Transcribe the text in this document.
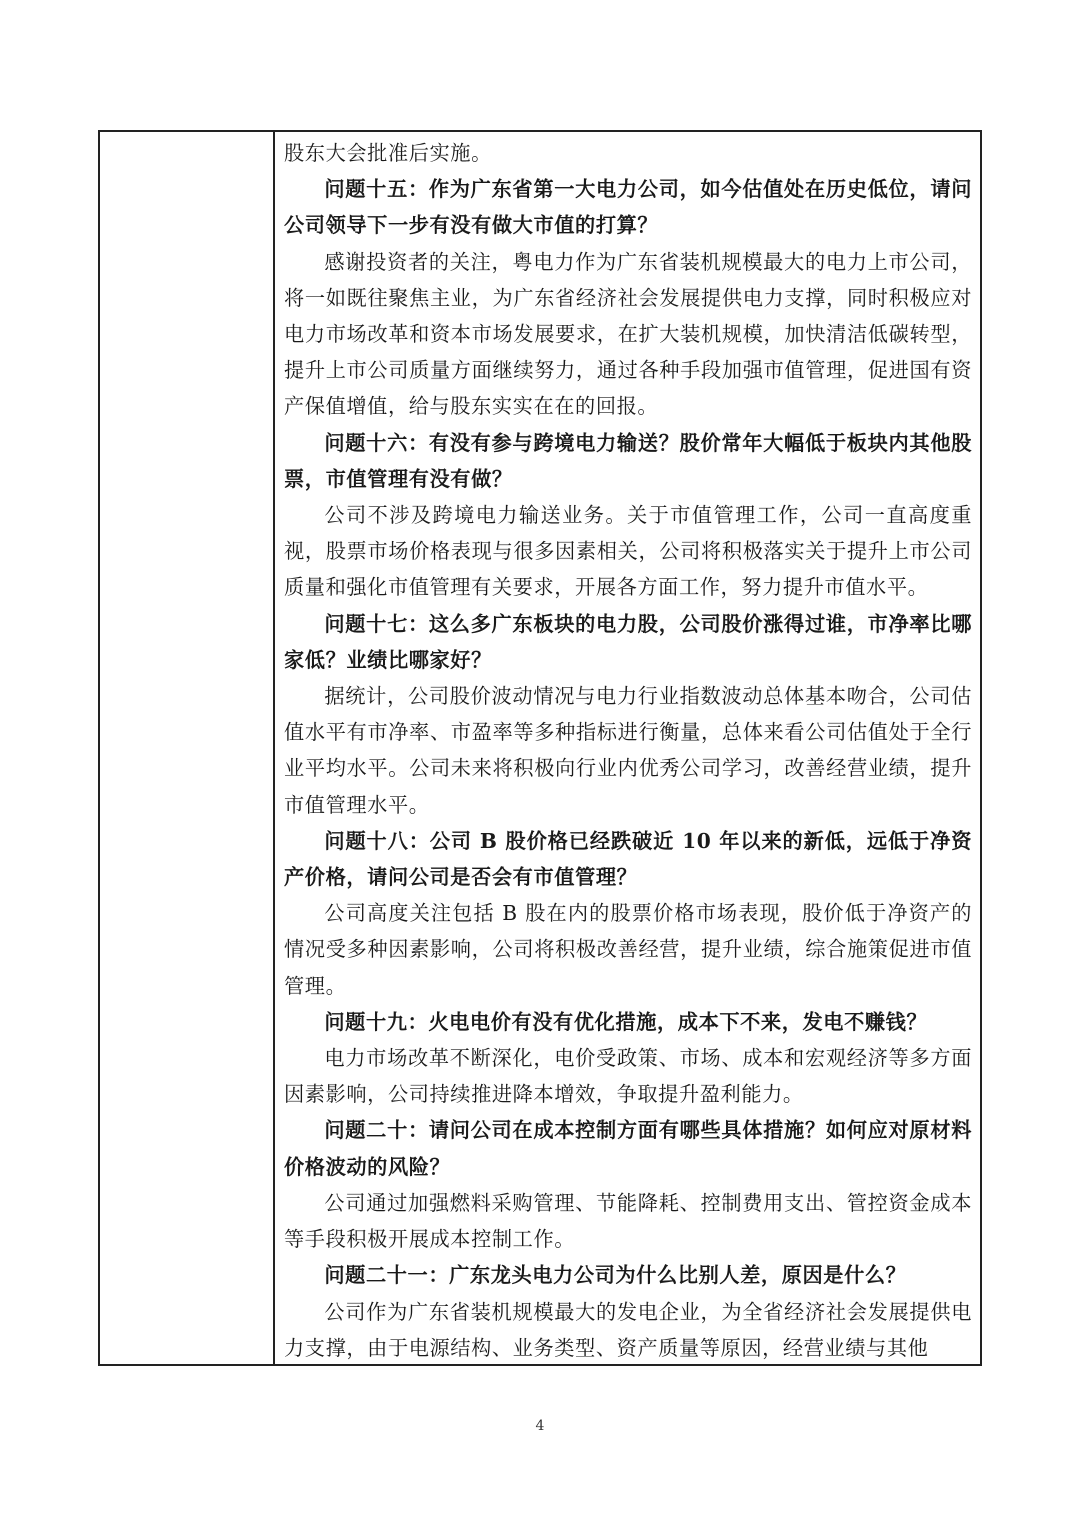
股东大会批准后实施。

问题十五：作为广东省第一大电力公司，如今估值处在历史低位，请问公司领导下一步有没有做大市值的打算？

感谢投资者的关注，粤电力作为广东省装机规模最大的电力上市公司，将一如既往聚焦主业，为广东省经济社会发展提供电力支撑，同时积极应对电力市场改革和资本市场发展要求，在扩大装机规模，加快清洁低碳转型，提升上市公司质量方面继续努力，通过各种手段加强市值管理，促进国有资产保值增值，给与股东实实在在的回报。

问题十六：有没有参与跨境电力输送？股价常年大幅低于板块内其他股票，市值管理有没有做？

公司不涉及跨境电力输送业务。关于市值管理工作，公司一直高度重视，股票市场价格表现与很多因素相关，公司将积极落实关于提升上市公司质量和强化市值管理有关要求，开展各方面工作，努力提升市值水平。

问题十七：这么多广东板块的电力股，公司股价涨得过谁，市净率比哪家低？业绩比哪家好？

据统计，公司股价波动情况与电力行业指数波动总体基本吻合，公司估值水平有市净率、市盈率等多种指标进行衡量，总体来看公司估值处于全行业平均水平。公司未来将积极向行业内优秀公司学习，改善经营业绩，提升市值管理水平。

问题十八：公司 B 股价格已经跌破近 10 年以来的新低，远低于净资产价格，请问公司是否会有市值管理？

公司高度关注包括 B 股在内的股票价格市场表现，股价低于净资产的情况受多种因素影响，公司将积极改善经营，提升业绩，综合施策促进市值管理。

问题十九：火电电价有没有优化措施，成本下不来，发电不赚钱？

电力市场改革不断深化，电价受政策、市场、成本和宏观经济等多方面因素影响，公司持续推进降本增效，争取提升盈利能力。

问题二十：请问公司在成本控制方面有哪些具体措施？如何应对原材料价格波动的风险？

公司通过加强燃料采购管理、节能降耗、控制费用支出、管控资金成本等手段积极开展成本控制工作。

问题二十一：广东龙头电力公司为什么比别人差，原因是什么？

公司作为广东省装机规模最大的发电企业，为全省经济社会发展提供电力支撑，由于电源结构、业务类型、资产质量等原因，经营业绩与其他

4
